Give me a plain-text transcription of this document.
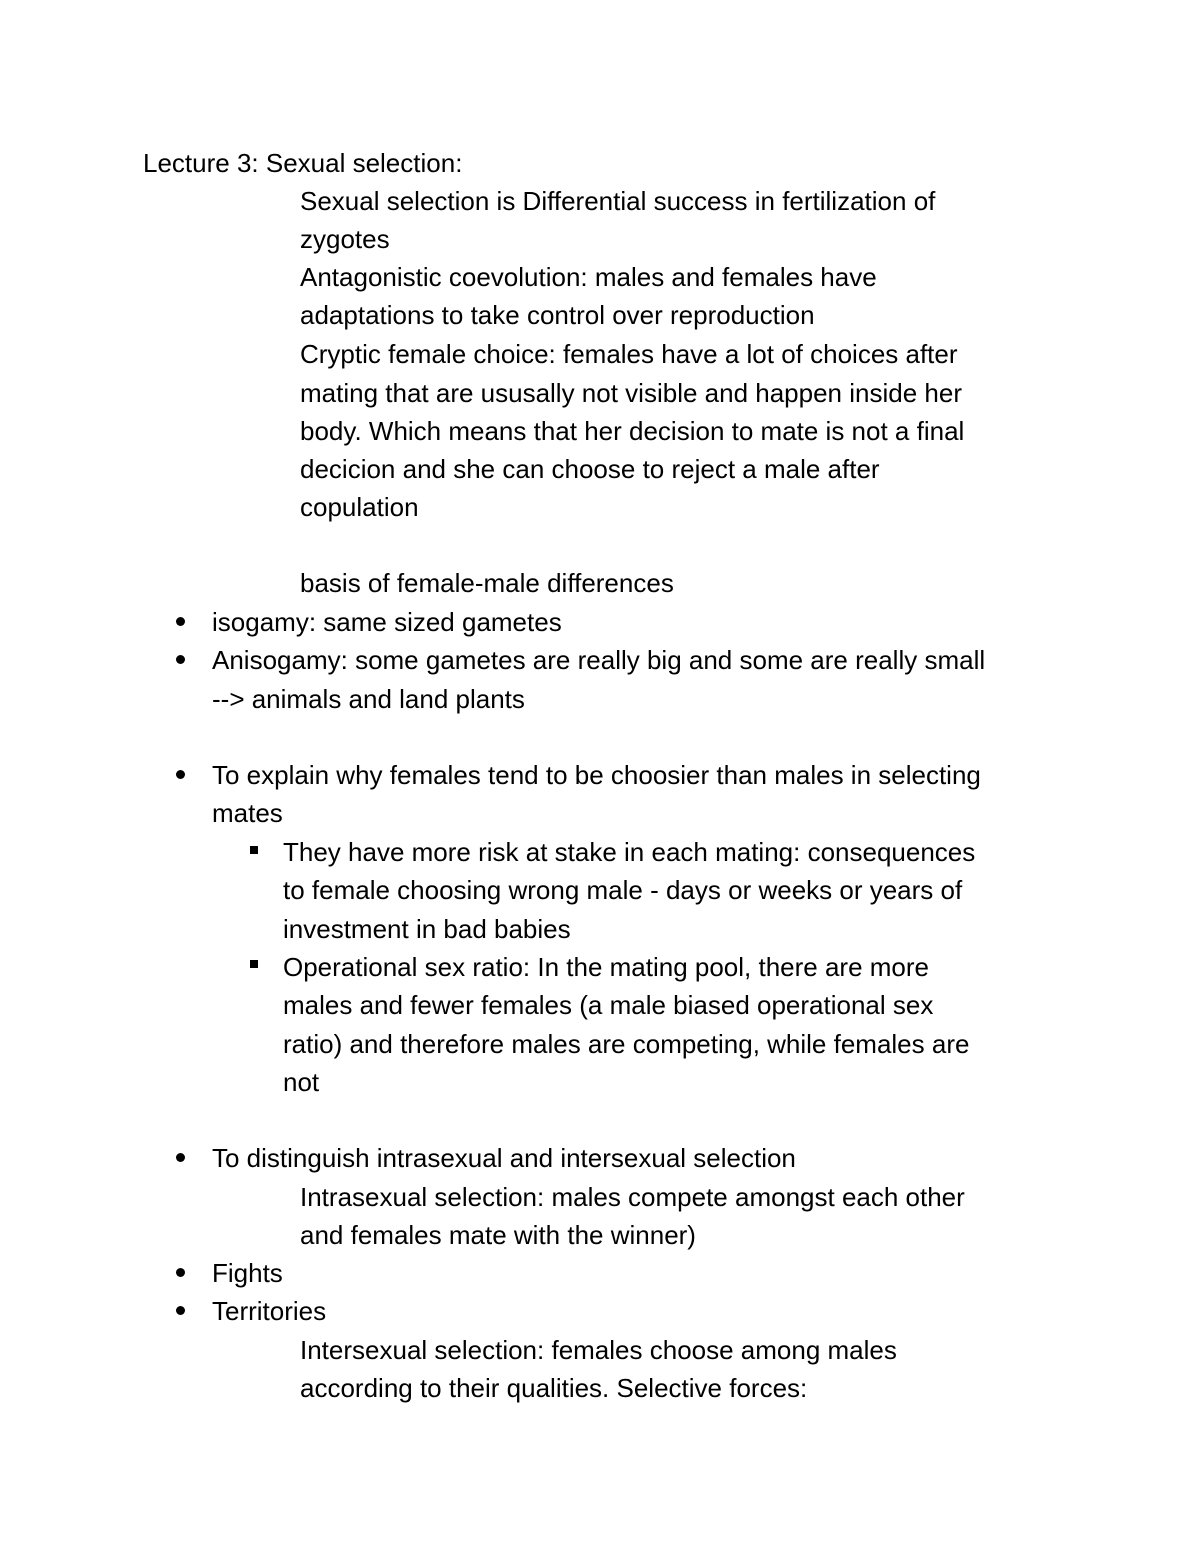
Lecture 3: Sexual selection:
Sexual selection is Differential success in fertilization of
zygotes
Antagonistic coevolution: males and females have
adaptations to take control over reproduction
Cryptic female choice: females have a lot of choices after
mating that are ususally not visible and happen inside her
body. Which means that her decision to mate is not a final
decicion and she can choose to reject a male after
copulation
basis of female-male differences
isogamy: same sized gametes
Anisogamy: some gametes are really big and some are really small
--> animals and land plants
To explain why females tend to be choosier than males in selecting
mates
They have more risk at stake in each mating: consequences
to female choosing wrong male - days or weeks or years of
investment in bad babies
Operational sex ratio: In the mating pool, there are more
males and fewer females (a male biased operational sex
ratio) and therefore males are competing, while females are
not
To distinguish intrasexual and intersexual selection
Intrasexual selection: males compete amongst each other
and females mate with the winner)
Fights
Territories
Intersexual selection: females choose among males
according to their qualities. Selective forces:
